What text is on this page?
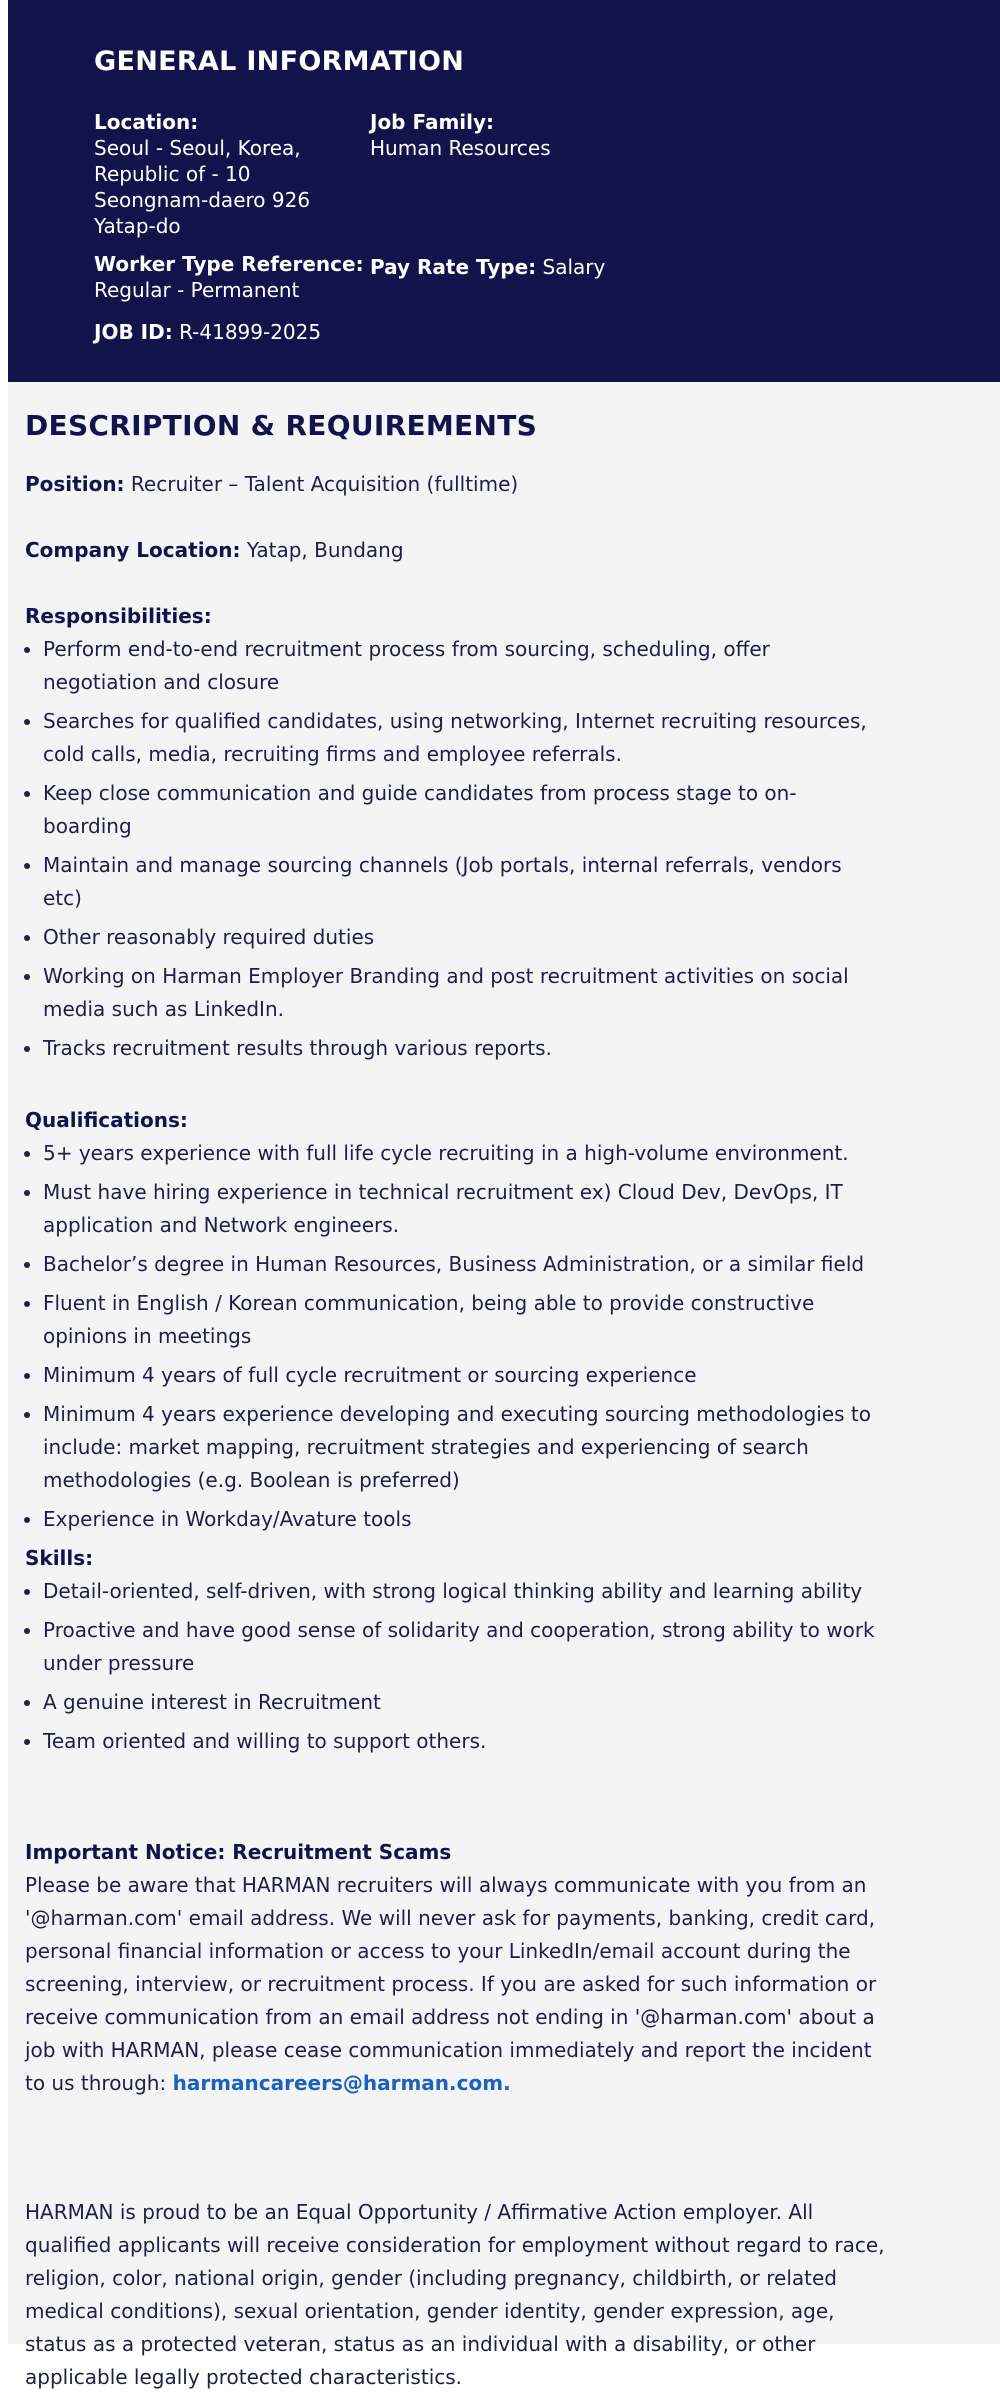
GENERAL INFORMATION
Location:
Seoul - Seoul, Korea,
Republic of - 10
Seongnam-daero 926
Yatap-do
Job Family:
Human Resources
Worker Type Reference:
Regular - Permanent
Pay Rate Type: Salary
JOB ID: R-41899-2025
DESCRIPTION & REQUIREMENTS

Position: Recruiter – Talent Acquisition (fulltime)

Company Location: Yatap, Bundang

Responsibilities:

• Perform end-to-end recruitment process from sourcing, scheduling, offer negotiation and closure
• Searches for qualified candidates, using networking, Internet recruiting resources, cold calls, media, recruiting firms and employee referrals.
• Keep close communication and guide candidates from process stage to on-boarding
• Maintain and manage sourcing channels (Job portals, internal referrals, vendors etc)
• Other reasonably required duties
• Working on Harman Employer Branding and post recruitment activities on social media such as LinkedIn.
• Tracks recruitment results through various reports.

Qualifications:

• 5+ years experience with full life cycle recruiting in a high-volume environment.
• Must have hiring experience in technical recruitment ex) Cloud Dev, DevOps, IT application and Network engineers.
• Bachelor’s degree in Human Resources, Business Administration, or a similar field
• Fluent in English / Korean communication, being able to provide constructive opinions in meetings
• Minimum 4 years of full cycle recruitment or sourcing experience
• Minimum 4 years experience developing and executing sourcing methodologies to include: market mapping, recruitment strategies and experiencing of search methodologies (e.g. Boolean is preferred)
• Experience in Workday/Avature tools

Skills:

• Detail-oriented, self-driven, with strong logical thinking ability and learning ability
• Proactive and have good sense of solidarity and cooperation, strong ability to work under pressure
• A genuine interest in Recruitment
• Team oriented and willing to support others.

Important Notice: Recruitment Scams

Please be aware that HARMAN recruiters will always communicate with you from an '@harman.com' email address. We will never ask for payments, banking, credit card, personal financial information or access to your LinkedIn/email account during the screening, interview, or recruitment process. If you are asked for such information or receive communication from an email address not ending in '@harman.com' about a job with HARMAN, please cease communication immediately and report the incident to us through: harmancareers@harman.com.

HARMAN is proud to be an Equal Opportunity / Affirmative Action employer. All qualified applicants will receive consideration for employment without regard to race, religion, color, national origin, gender (including pregnancy, childbirth, or related medical conditions), sexual orientation, gender identity, gender expression, age, status as a protected veteran, status as an individual with a disability, or other applicable legally protected characteristics.
